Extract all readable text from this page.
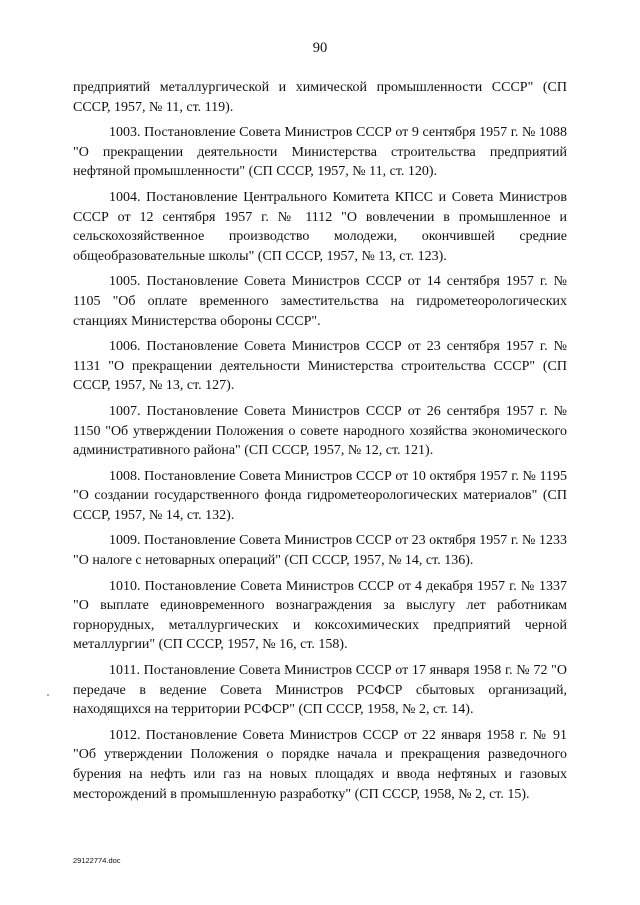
90

предприятий металлургической и химической промышленности СССР" (СП СССР, 1957, № 11, ст. 119).

1003. Постановление Совета Министров СССР от 9 сентября 1957 г. № 1088 "О прекращении деятельности Министерства строительства предприятий нефтяной промышленности" (СП СССР, 1957, № 11, ст. 120).

1004. Постановление Центрального Комитета КПСС и Совета Министров СССР от 12 сентября 1957 г. № 1112 "О вовлечении в промышленное и сельскохозяйственное производство молодежи, окончившей средние общеобразовательные школы" (СП СССР, 1957, № 13, ст. 123).

1005. Постановление Совета Министров СССР от 14 сентября 1957 г. № 1105 "Об оплате временного заместительства на гидрометеорологических станциях Министерства обороны СССР".

1006. Постановление Совета Министров СССР от 23 сентября 1957 г. № 1131 "О прекращении деятельности Министерства строительства СССР" (СП СССР, 1957, № 13, ст. 127).

1007. Постановление Совета Министров СССР от 26 сентября 1957 г. № 1150 "Об утверждении Положения о совете народного хозяйства экономического административного района" (СП СССР, 1957, № 12, ст. 121).

1008. Постановление Совета Министров СССР от 10 октября 1957 г. № 1195 "О создании государственного фонда гидрометеорологических материалов" (СП СССР, 1957, № 14, ст. 132).

1009. Постановление Совета Министров СССР от 23 октября 1957 г. № 1233 "О налоге с нетоварных операций" (СП СССР, 1957, № 14, ст. 136).

1010. Постановление Совета Министров СССР от 4 декабря 1957 г. № 1337 "О выплате единовременного вознаграждения за выслугу лет работникам горнорудных, металлургических и коксохимических предприятий черной металлургии" (СП СССР, 1957, № 16, ст. 158).

1011. Постановление Совета Министров СССР от 17 января 1958 г. № 72 "О передаче в ведение Совета Министров РСФСР сбытовых организаций, находящихся на территории РСФСР" (СП СССР, 1958, № 2, ст. 14).

1012. Постановление Совета Министров СССР от 22 января 1958 г. № 91 "Об утверждении Положения о порядке начала и прекращения разведочного бурения на нефть или газ на новых площадях и ввода нефтяных и газовых месторождений в промышленную разработку" (СП СССР, 1958, № 2, ст. 15).

29122774.doc
